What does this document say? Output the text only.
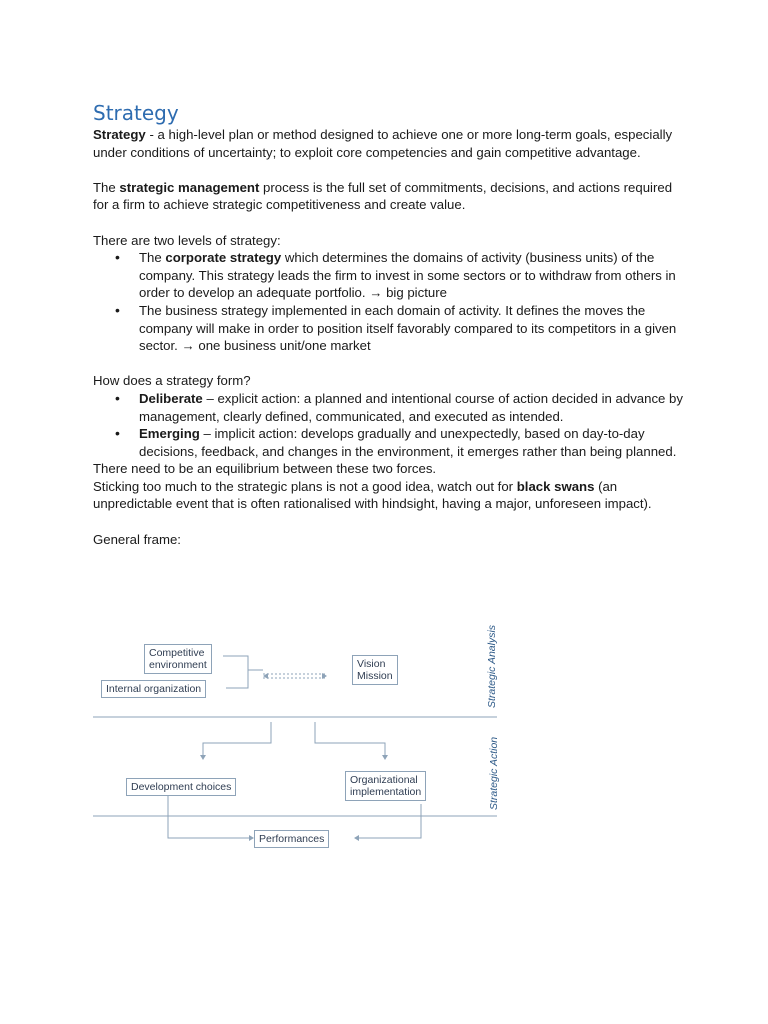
Strategy

Strategy - a high-level plan or method designed to achieve one or more long-term goals, especially under conditions of uncertainty; to exploit core competencies and gain competitive advantage.

The strategic management process is the full set of commitments, decisions, and actions required for a firm to achieve strategic competitiveness and create value.

There are two levels of strategy:

• The corporate strategy which determines the domains of activity (business units) of the company. This strategy leads the firm to invest in some sectors or to withdraw from others in order to develop an adequate portfolio. → big picture
• The business strategy implemented in each domain of activity. It defines the moves the company will make in order to position itself favorably compared to its competitors in a given sector. → one business unit/one market

How does a strategy form?

• Deliberate – explicit action: a planned and intentional course of action decided in advance by management, clearly defined, communicated, and executed as intended.
• Emerging – implicit action: develops gradually and unexpectedly, based on day-to-day decisions, feedback, and changes in the environment, it emerges rather than being planned.

There need to be an equilibrium between these two forces.

Sticking too much to the strategic plans is not a good idea, watch out for black swans (an unpredictable event that is often rationalised with hindsight, having a major, unforeseen impact).

General frame:

Competitive
environment
Internal organization
Vision
Mission
Development choices
Organizational
implementation
Performances
Strategic Analysis
Strategic Action
